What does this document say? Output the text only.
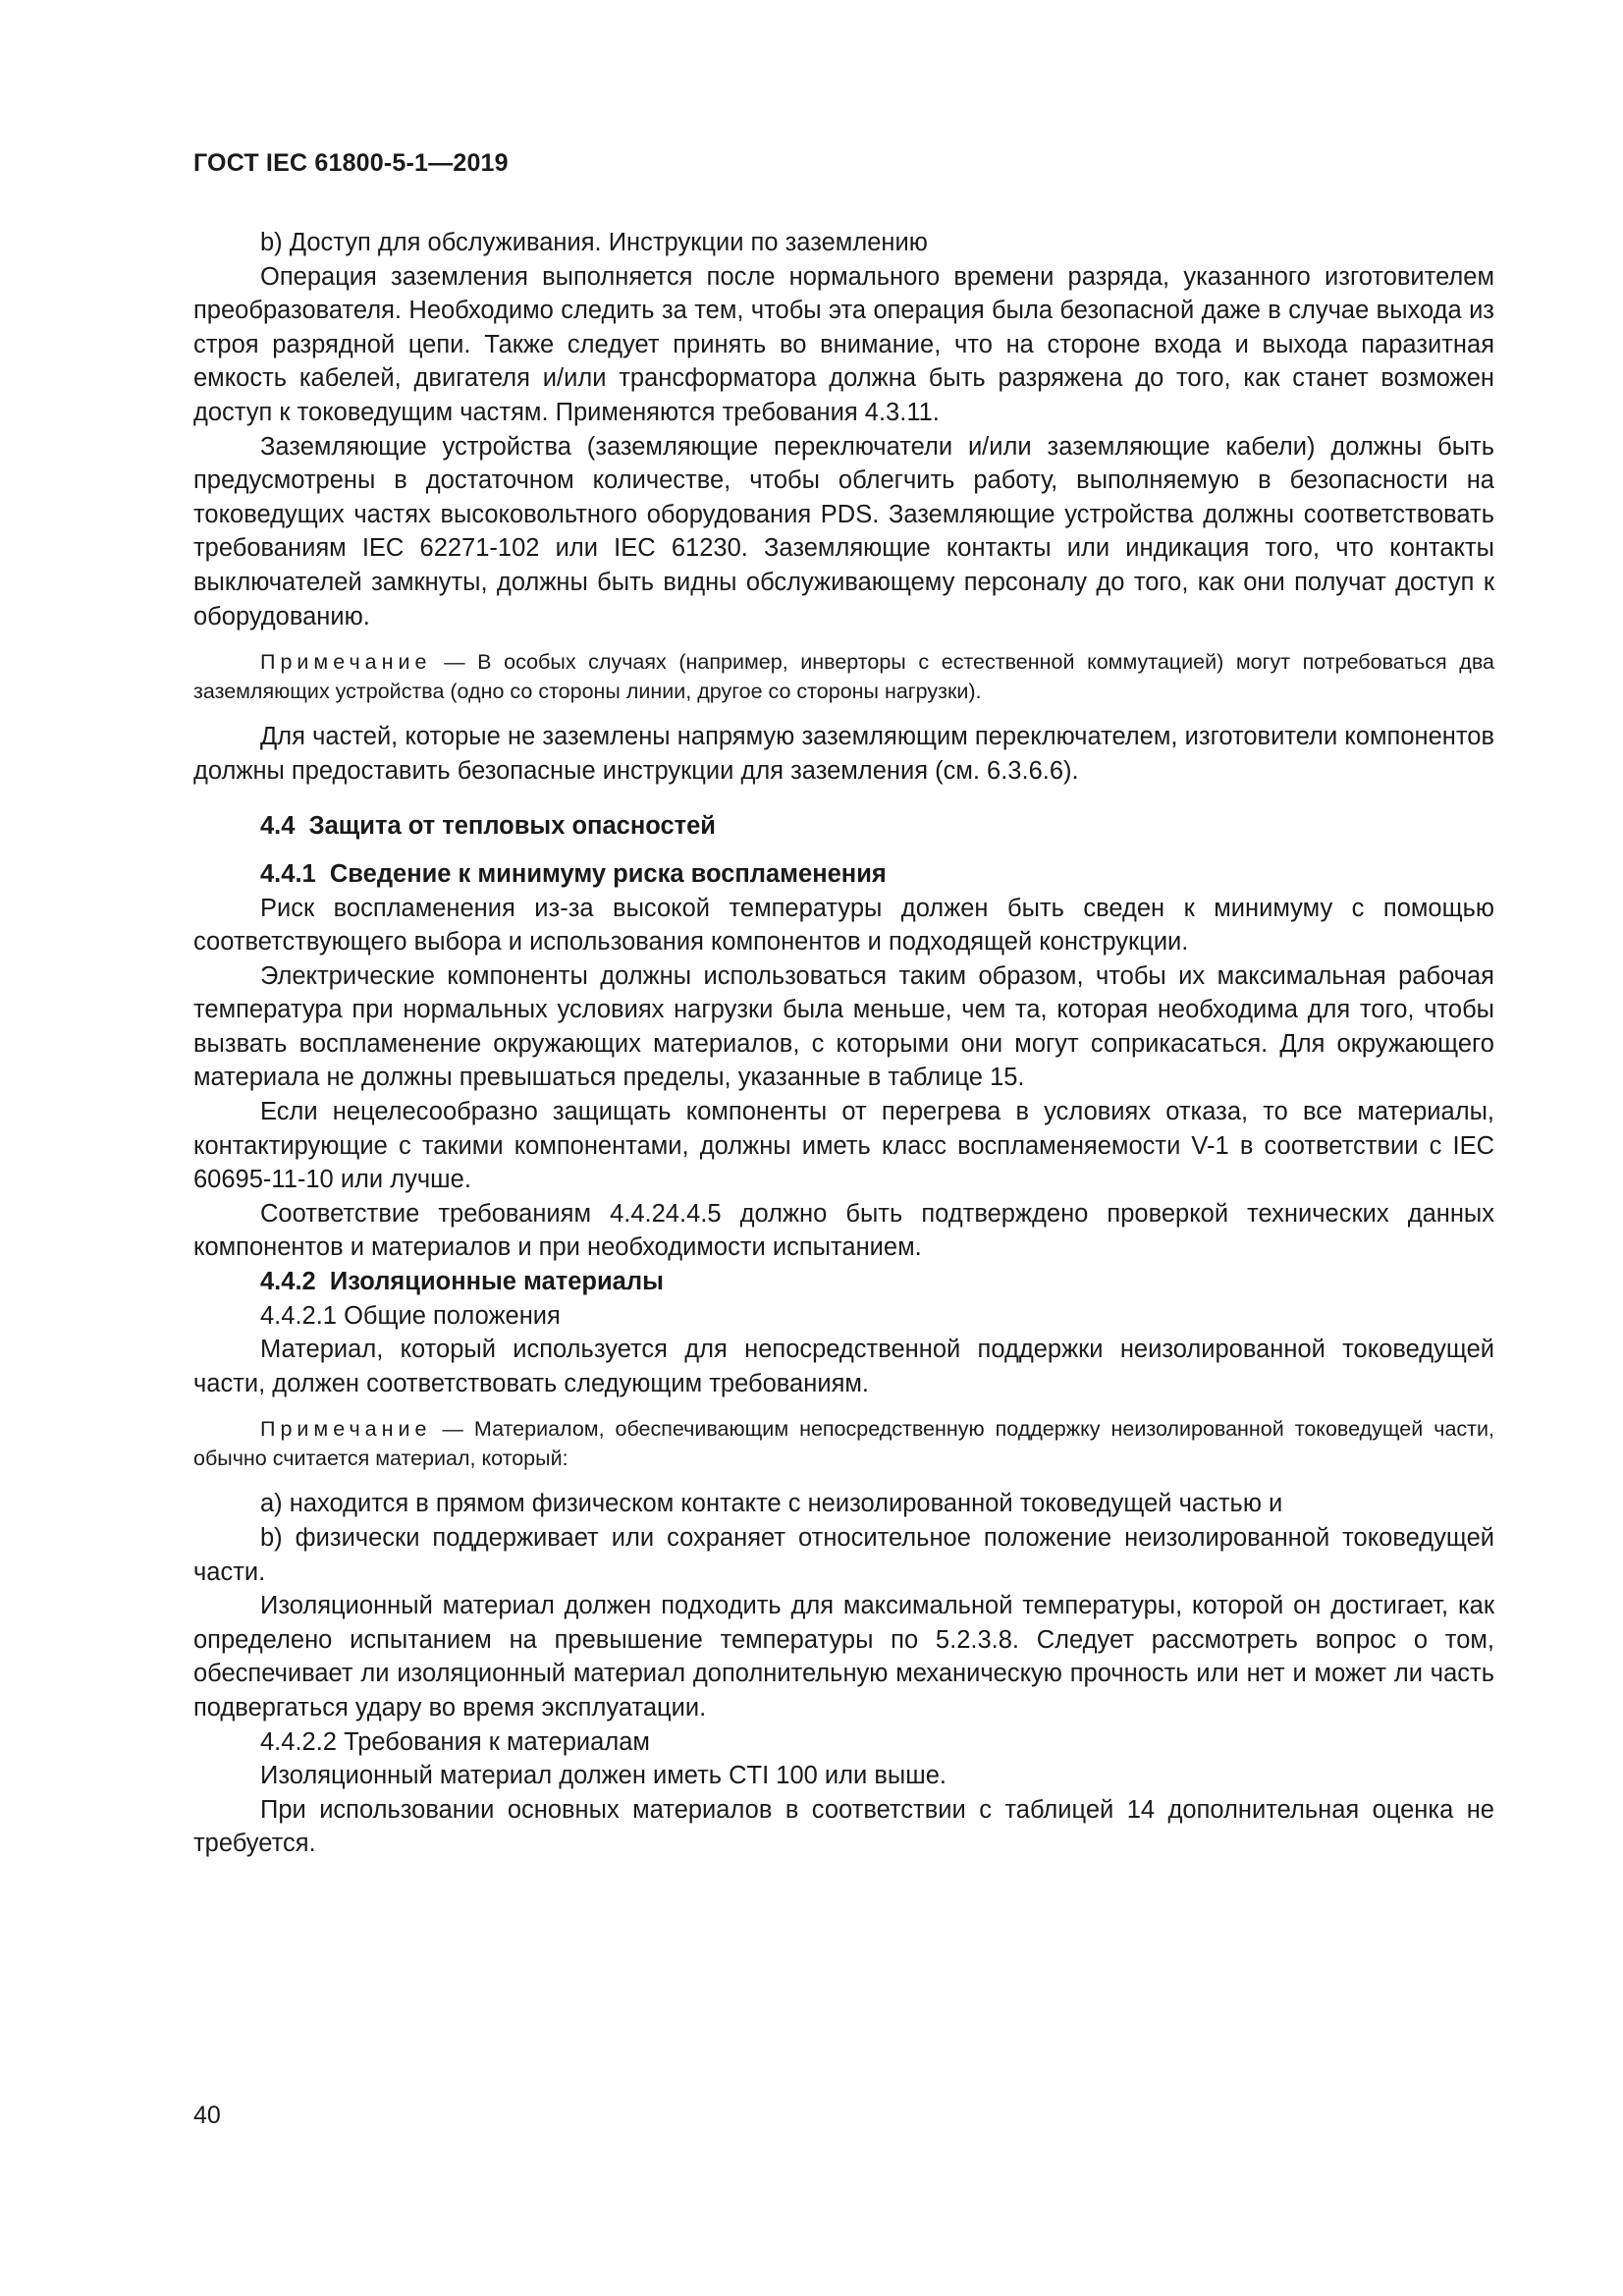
ГОСТ IEC 61800-5-1—2019

b) Доступ для обслуживания. Инструкции по заземлению

Операция заземления выполняется после нормального времени разряда, указанного изготовителем преобразователя. Необходимо следить за тем, чтобы эта операция была безопасной даже в случае выхода из строя разрядной цепи. Также следует принять во внимание, что на стороне входа и выхода паразитная емкость кабелей, двигателя и/или трансформатора должна быть разряжена до того, как станет возможен доступ к токоведущим частям. Применяются требования 4.3.11.

Заземляющие устройства (заземляющие переключатели и/или заземляющие кабели) должны быть предусмотрены в достаточном количестве, чтобы облегчить работу, выполняемую в безопасности на токоведущих частях высоковольтного оборудования PDS. Заземляющие устройства должны соответствовать требованиям IEC 62271-102 или IEC 61230. Заземляющие контакты или индикация того, что контакты выключателей замкнуты, должны быть видны обслуживающему персоналу до того, как они получат доступ к оборудованию.

Примечание — В особых случаях (например, инверторы с естественной коммутацией) могут потребоваться два заземляющих устройства (одно со стороны линии, другое со стороны нагрузки).

Для частей, которые не заземлены напрямую заземляющим переключателем, изготовители компонентов должны предоставить безопасные инструкции для заземления (см. 6.3.6.6).

4.4 Защита от тепловых опасностей

4.4.1 Сведение к минимуму риска воспламенения

Риск воспламенения из-за высокой температуры должен быть сведен к минимуму с помощью соответствующего выбора и использования компонентов и подходящей конструкции.

Электрические компоненты должны использоваться таким образом, чтобы их максимальная рабочая температура при нормальных условиях нагрузки была меньше, чем та, которая необходима для того, чтобы вызвать воспламенение окружающих материалов, с которыми они могут соприкасаться. Для окружающего материала не должны превышаться пределы, указанные в таблице 15.

Если нецелесообразно защищать компоненты от перегрева в условиях отказа, то все материалы, контактирующие с такими компонентами, должны иметь класс воспламеняемости V-1 в соответствии с IEC 60695-11-10 или лучше.

Соответствие требованиям 4.4.24.4.5 должно быть подтверждено проверкой технических данных компонентов и материалов и при необходимости испытанием.

4.4.2 Изоляционные материалы

4.4.2.1 Общие положения

Материал, который используется для непосредственной поддержки неизолированной токоведущей части, должен соответствовать следующим требованиям.

Примечание — Материалом, обеспечивающим непосредственную поддержку неизолированной токоведущей части, обычно считается материал, который:

a) находится в прямом физическом контакте с неизолированной токоведущей частью и

b) физически поддерживает или сохраняет относительное положение неизолированной токоведущей части.

Изоляционный материал должен подходить для максимальной температуры, которой он достигает, как определено испытанием на превышение температуры по 5.2.3.8. Следует рассмотреть вопрос о том, обеспечивает ли изоляционный материал дополнительную механическую прочность или нет и может ли часть подвергаться удару во время эксплуатации.

4.4.2.2 Требования к материалам

Изоляционный материал должен иметь CTI 100 или выше.

При использовании основных материалов в соответствии с таблицей 14 дополнительная оценка не требуется.

40
